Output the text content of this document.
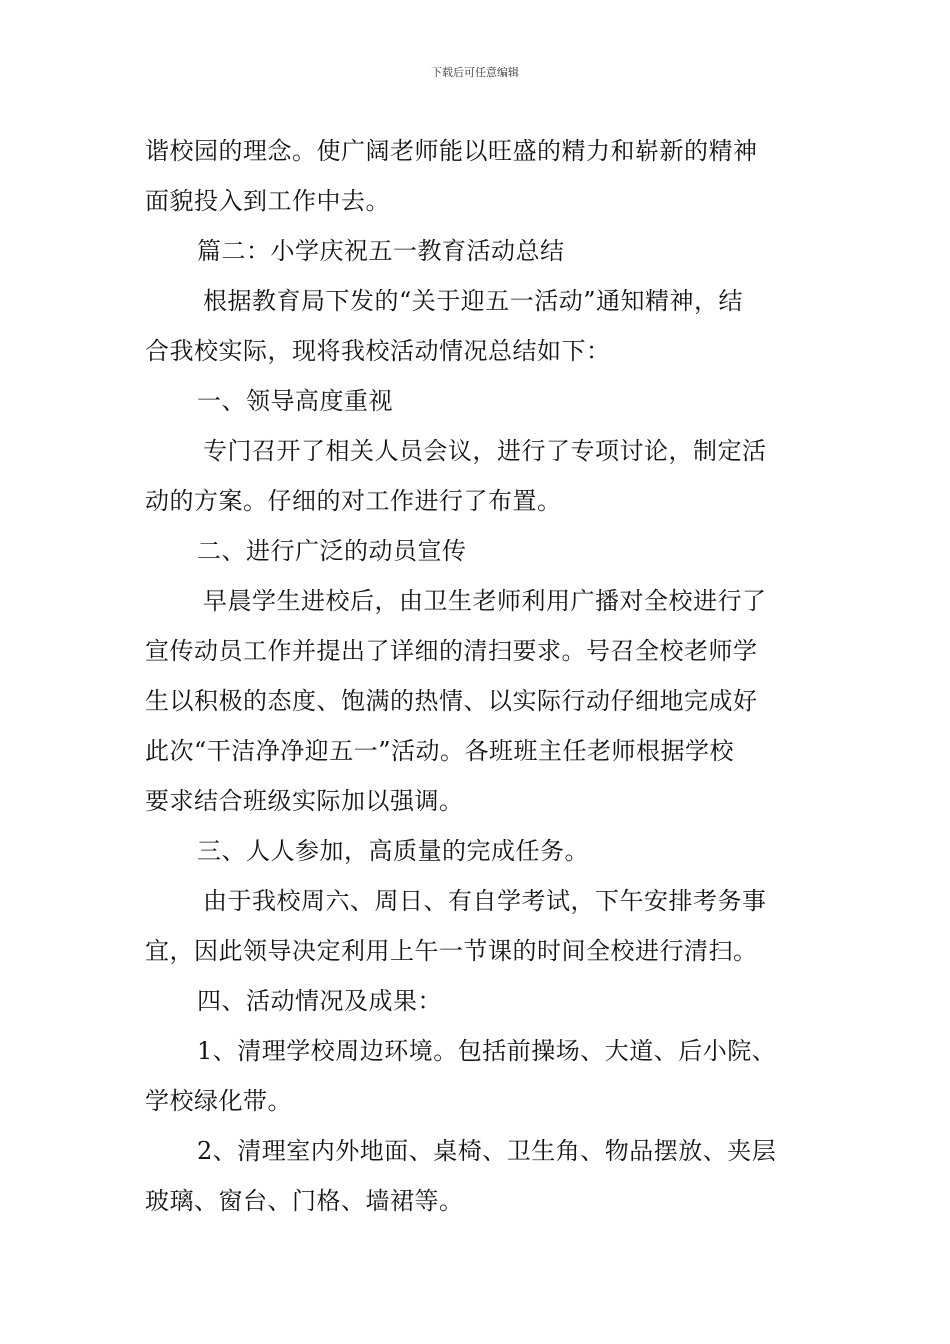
下载后可任意编辑
谐校园的理念。使广阔老师能以旺盛的精力和崭新的精神
面貌投入到工作中去。
篇二：小学庆祝五一教育活动总结
根据教育局下发的“关于迎五一活动”通知精神，结
合我校实际，现将我校活动情况总结如下：
一、领导高度重视
专门召开了相关人员会议，进行了专项讨论，制定活
动的方案。仔细的对工作进行了布置。
二、进行广泛的动员宣传
早晨学生进校后，由卫生老师利用广播对全校进行了
宣传动员工作并提出了详细的清扫要求。号召全校老师学
生以积极的态度、饱满的热情、以实际行动仔细地完成好
此次“干洁净净迎五一”活动。各班班主任老师根据学校
要求结合班级实际加以强调。
三、人人参加，高质量的完成任务。
由于我校周六、周日、有自学考试，下午安排考务事
宜，因此领导决定利用上午一节课的时间全校进行清扫。
四、活动情况及成果：
1、清理学校周边环境。包括前操场、大道、后小院、
学校绿化带。
2、清理室内外地面、桌椅、卫生角、物品摆放、夹层
玻璃、窗台、门格、墙裙等。
